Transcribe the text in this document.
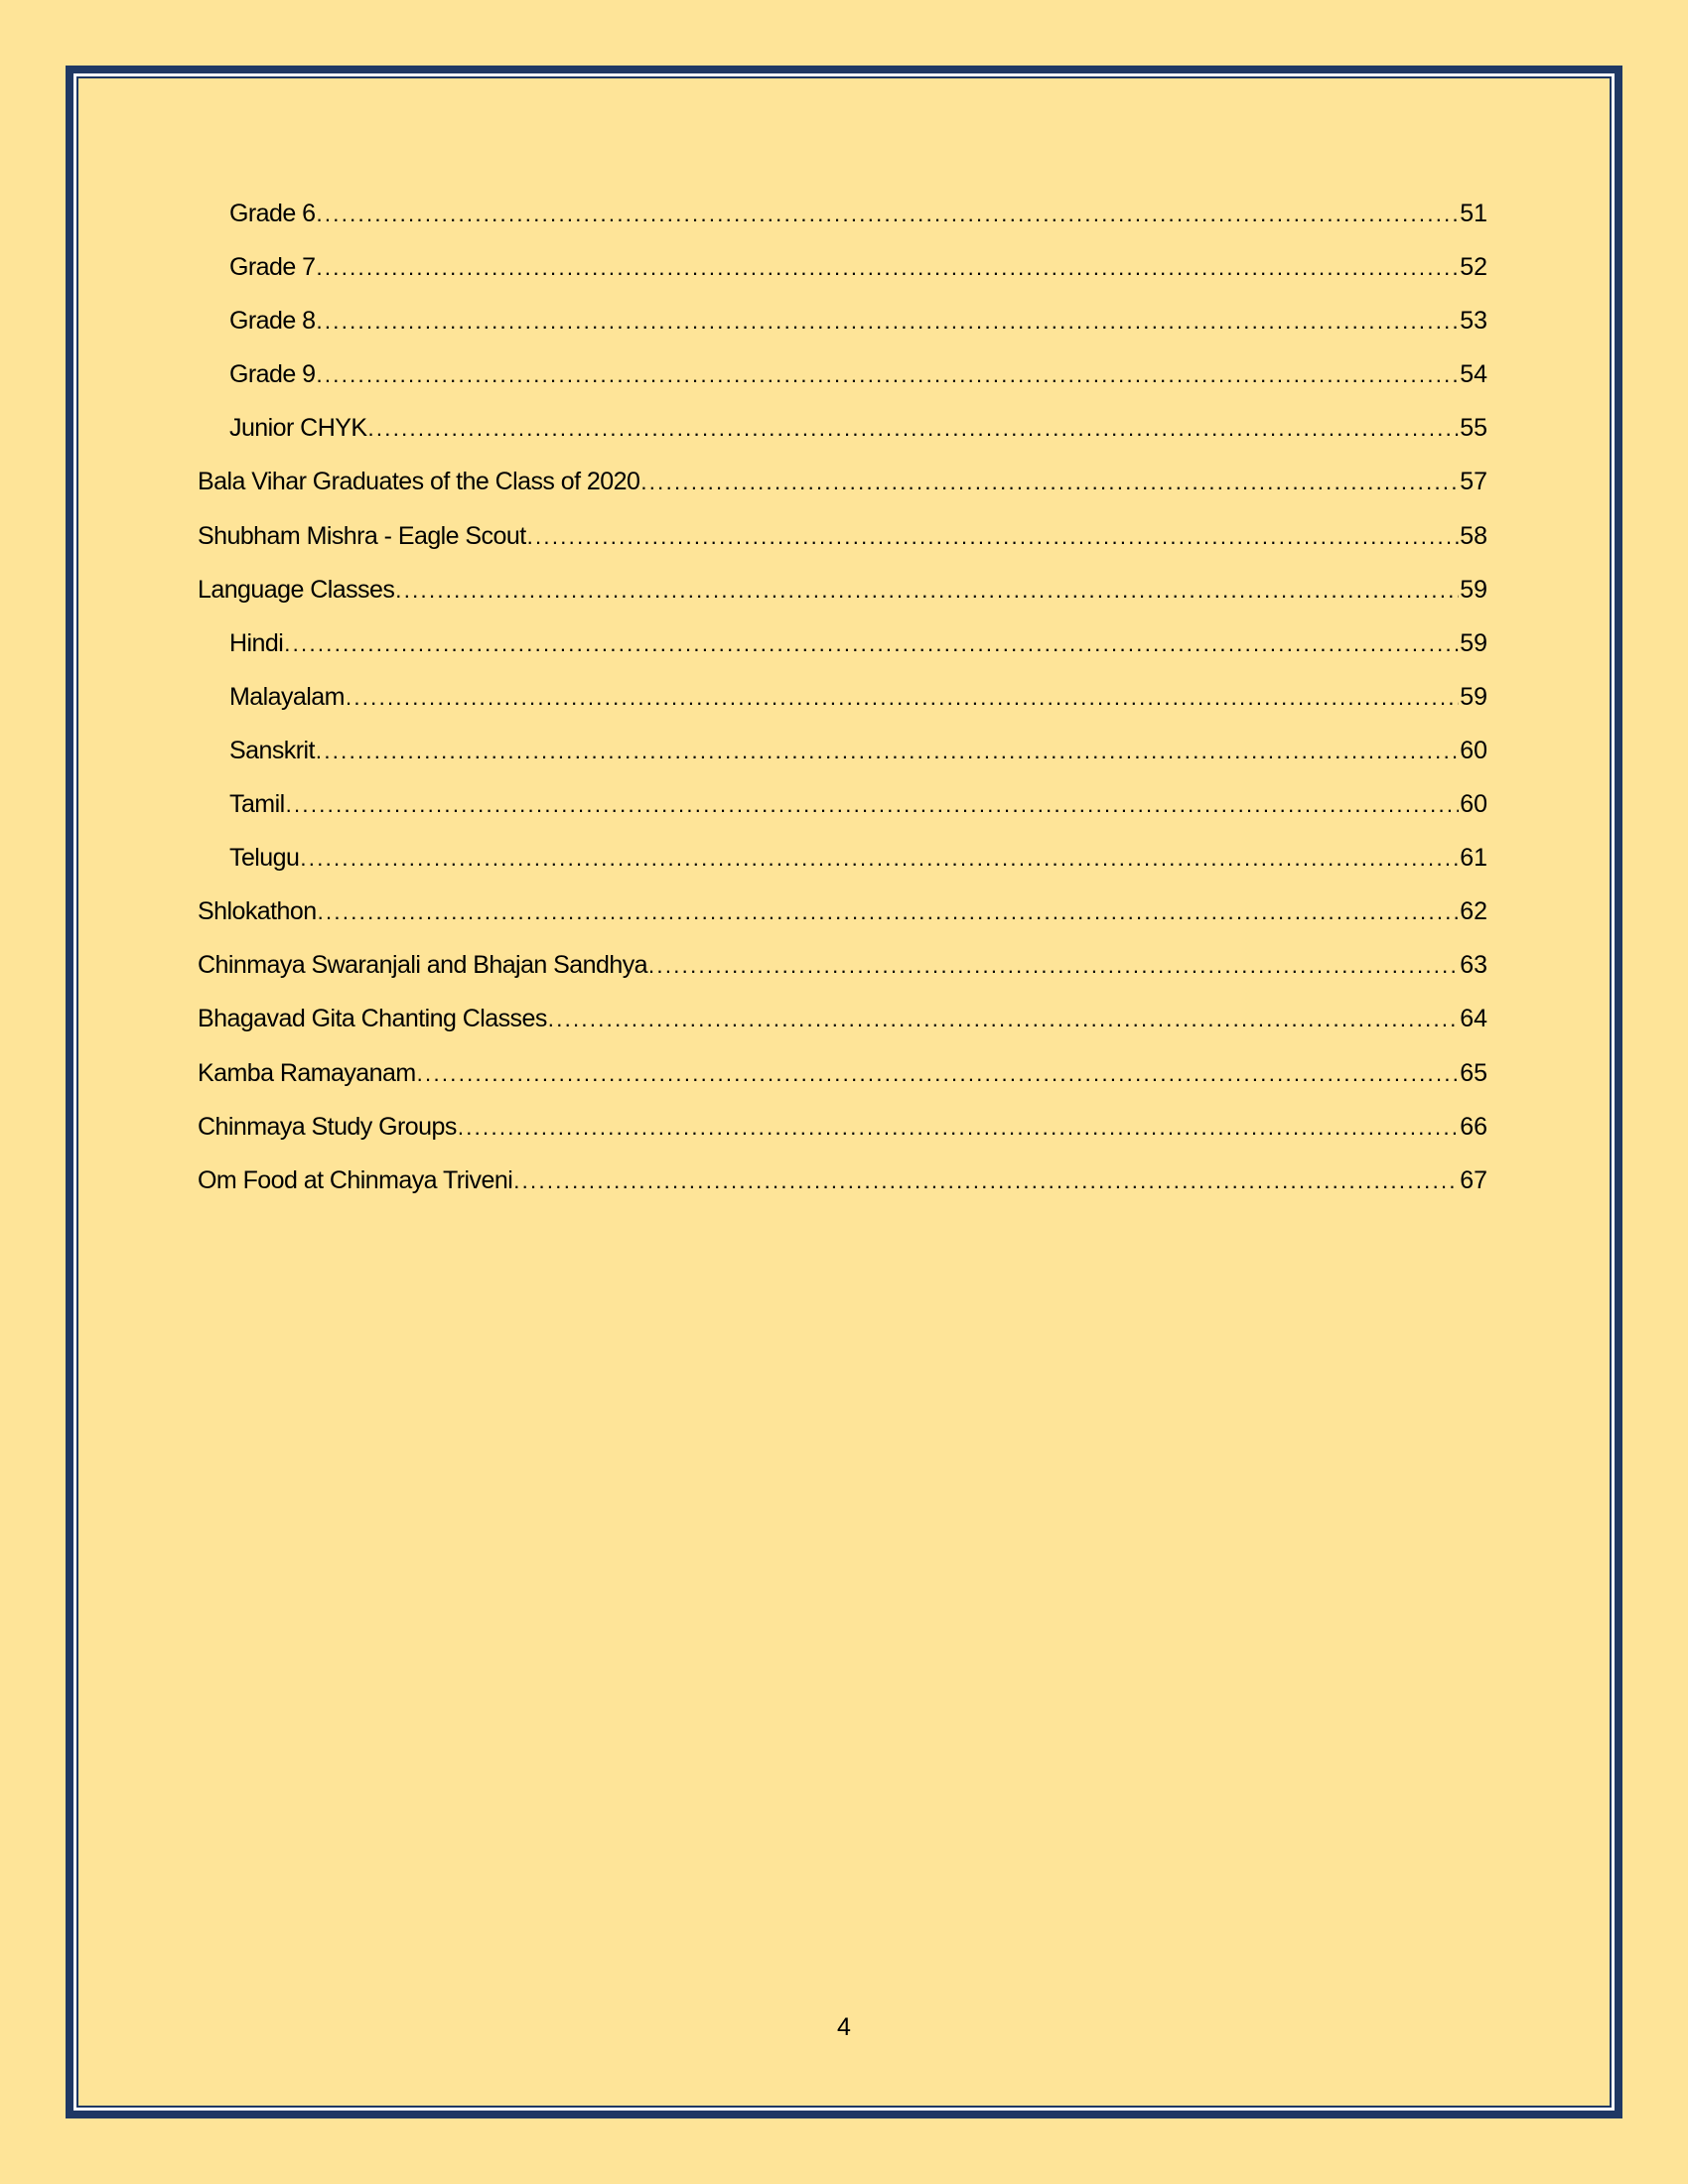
Grade 6 .....	51
Grade 7 .....	52
Grade 8 .....	53
Grade 9 .....	54
Junior CHYK .....	55
Bala Vihar Graduates of the Class of 2020 .....	57
Shubham Mishra - Eagle Scout .....	58
Language Classes .....	59
Hindi .....	59
Malayalam .....	59
Sanskrit .....	60
Tamil .....	60
Telugu .....	61
Shlokathon .....	62
Chinmaya Swaranjali and Bhajan Sandhya .....	63
Bhagavad Gita Chanting Classes .....	64
Kamba Ramayanam .....	65
Chinmaya Study Groups .....	66
Om Food at Chinmaya Triveni .....	67
4
